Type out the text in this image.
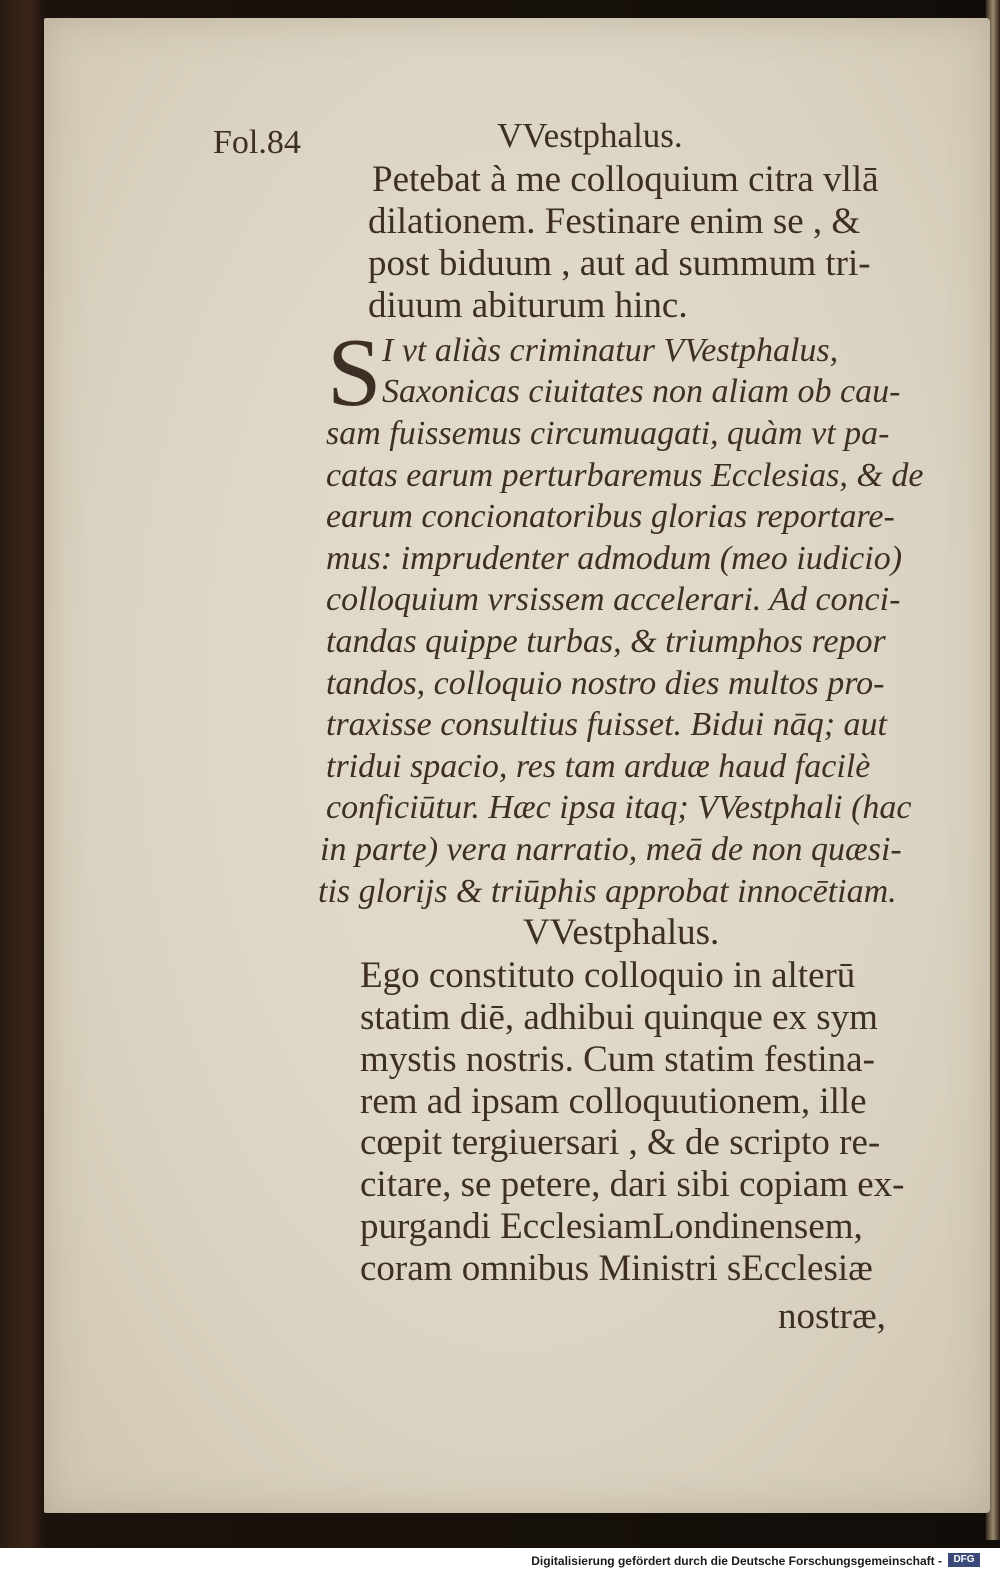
Fol.84	VVestphalus.
Petebat à me colloquium citra vllā
dilationem. Festinare enim se , &
post biduum , aut ad summum tri-
diuum abiturum hinc.
S I vt aliàs criminatur VVestphalus,
Saxonicas ciuitates non aliam ob cau-
sam fuissemus circumuagati, quàm vt pa-
catas earum perturbaremus Ecclesias, & de
earum concionatoribus glorias reportare-
mus: imprudenter admodum (meo iudicio)
colloquium vrsissem accelerari. Ad conci-
tandas quippe turbas, & triumphos repor
tandos, colloquio nostro dies multos pro-
traxisse consultius fuisset. Bidui nāq; aut
tridui spacio, res tam arduæ haud facilè
conficiūtur. Hæc ipsa itaq; VVestphali (hac
in parte) vera narratio, meā de non quæsi-
tis glorijs & triūphis approbat innocētiam.
VVestphalus.
Ego constituto colloquio in alterū
statim diē, adhibui quinque ex sym
mystis nostris. Cum statim festina-
rem ad ipsam colloquutionem, ille
cœpit tergiuersari , & de scripto re-
citare, se petere, dari sibi copiam ex-
purgandi EcclesiamLondinensem,
coram omnibus Ministri sEcclesiæ
nostræ,
Digitalisierung gefördert durch die Deutsche Forschungsgemeinschaft -	DFG
